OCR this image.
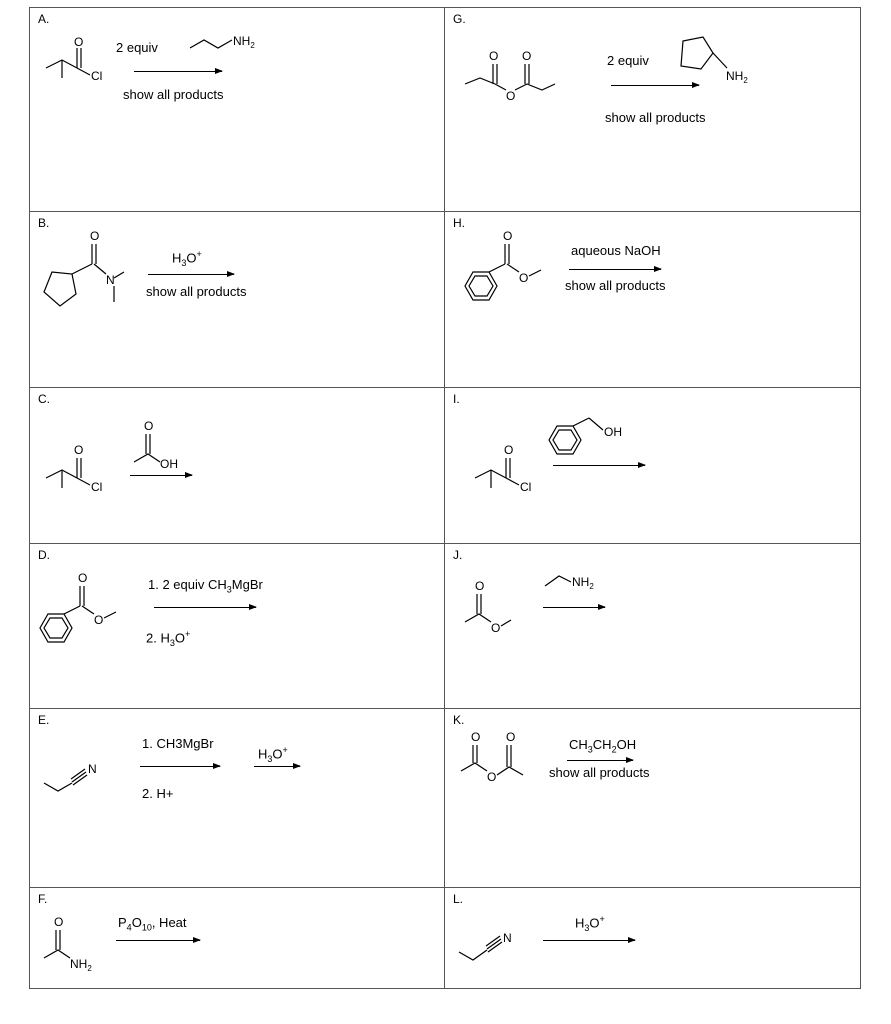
A.
O
Cl
$NH_2$
2 equiv
show all products
G.
O
O
O
$NH_2$
2 equiv
show all products
B.
O
N
$H_3O^+$
show all products
H.
O
O
aqueous NaOH
show all products
C.
O
Cl
O
OH
I.
O
Cl
OH
D.
O
O
1. 2 equiv $CH_3MgBr$
2. $H_3O^+$
J.
O
O
$NH_2$
E.
N
1. CH3MgBr
2. H+
$H_3O^+$
K.
O
O
O	$CH_3CH_2OH$
show all products
F.
O
$NH_2$
$P_4O_{10}$, Heat
L.
N
$H_3O^+$
